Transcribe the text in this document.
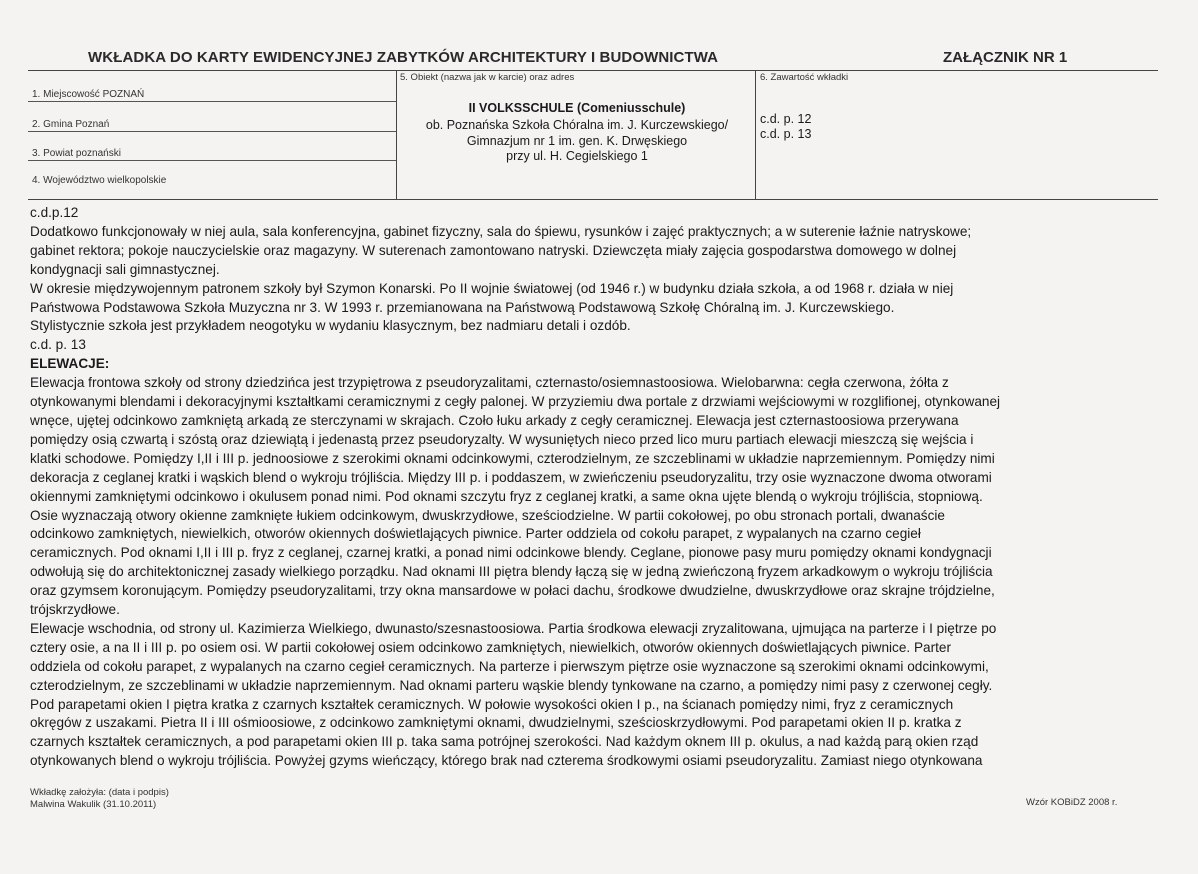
WKŁADKA DO KARTY EWIDENCYJNEJ ZABYTKÓW ARCHITEKTURY I BUDOWNICTWA	ZAŁĄCZNIK NR 1
1. Miejscowość POZNAŃ
2. Gmina Poznań
3. Powiat poznański
4. Województwo wielkopolskie
5. Obiekt (nazwa jak w karcie) oraz adres
II VOLKSSCHULE (Comeniusschule)
ob. Poznańska Szkoła Chóralna im. J. Kurczewskiego/
Gimnazjum nr 1 im. gen. K. Drwęskiego
przy ul. H. Cegielskiego 1
6. Zawartość wkładki
c.d. p. 12
c.d. p. 13
c.d.p.12
Dodatkowo funkcjonowały w niej aula, sala konferencyjna, gabinet fizyczny, sala do śpiewu, rysunków i zajęć praktycznych; a w suterenie łaźnie natryskowe;
gabinet rektora; pokoje nauczycielskie oraz magazyny. W suterenach zamontowano natryski. Dziewczęta miały zajęcia gospodarstwa domowego w dolnej
kondygnacji sali gimnastycznej.
W okresie międzywojennym patronem szkoły był Szymon Konarski. Po II wojnie światowej (od 1946 r.) w budynku działa szkoła, a od 1968 r. działa w niej
Państwowa Podstawowa Szkoła Muzyczna nr 3. W 1993 r. przemianowana na Państwową Podstawową Szkołę Chóralną im. J. Kurczewskiego.
Stylistycznie szkoła jest przykładem neogotyku w wydaniu klasycznym, bez nadmiaru detali i ozdób.
c.d. p. 13
ELEWACJE:
Elewacja frontowa szkoły od strony dziedzińca jest trzypiętrowa z pseudoryzalitami, czternasto/osiemnastoosiowa. Wielobarwna: cegła czerwona, żółta z
otynkowanymi blendami i dekoracyjnymi kształtkami ceramicznymi z cegły palonej. W przyziemiu dwa portale z drzwiami wejściowymi w rozglifionej, otynkowanej
wnęce, ujętej odcinkowo zamkniętą arkadą ze sterczynami w skrajach. Czoło łuku arkady z cegły ceramicznej. Elewacja jest czternastoosiowa przerywana
pomiędzy osią czwartą i szóstą oraz dziewiątą i jedenastą przez pseudoryzalty. W wysuniętych nieco przed lico muru partiach elewacji mieszczą się wejścia i
klatki schodowe. Pomiędzy I,II i III p. jednoosiowe z szerokimi oknami odcinkowymi, czterodzielnym, ze szczeblinami w układzie naprzemiennym. Pomiędzy nimi
dekoracja z ceglanej kratki i wąskich blend o wykroju trójliścia. Między III p. i poddaszem, w zwieńczeniu pseudoryzalitu, trzy osie wyznaczone dwoma otworami
okiennymi zamkniętymi odcinkowo i okulusem ponad nimi. Pod oknami szczytu fryz z ceglanej kratki, a same okna ujęte blendą o wykroju trójliścia, stopniową.
Osie wyznaczają otwory okienne zamknięte łukiem odcinkowym, dwuskrzydłowe, sześciodzielne. W partii cokołowej, po obu stronach portali, dwanaście
odcinkowo zamkniętych, niewielkich, otworów okiennych doświetlających piwnice. Parter oddziela od cokołu parapet, z wypalanych na czarno cegieł
ceramicznych. Pod oknami I,II i III p. fryz z ceglanej, czarnej kratki, a ponad nimi odcinkowe blendy. Ceglane, pionowe pasy muru pomiędzy oknami kondygnacji
odwołują się do architektonicznej zasady wielkiego porządku. Nad oknami III piętra blendy łączą się w jedną zwieńczoną fryzem arkadkowym o wykroju trójliścia
oraz gzymsem koronującym. Pomiędzy pseudoryzalitami, trzy okna mansardowe w połaci dachu, środkowe dwudzielne, dwuskrzydłowe oraz skrajne trójdzielne,
trójskrzydłowe.
Elewacje wschodnia, od strony ul. Kazimierza Wielkiego, dwunasto/szesnastoosiowa. Partia środkowa elewacji zryzalitowana, ujmująca na parterze i I piętrze po
cztery osie, a na II i III p. po osiem osi. W partii cokołowej osiem odcinkowo zamkniętych, niewielkich, otworów okiennych doświetlających piwnice. Parter
oddziela od cokołu parapet, z wypalanych na czarno cegieł ceramicznych. Na parterze i pierwszym piętrze osie wyznaczone są szerokimi oknami odcinkowymi,
czterodzielnym, ze szczeblinami w układzie naprzemiennym. Nad oknami parteru wąskie blendy tynkowane na czarno, a pomiędzy nimi pasy z czerwonej cegły.
Pod parapetami okien I piętra kratka z czarnych kształtek ceramicznych. W połowie wysokości okien I p., na ścianach pomiędzy nimi, fryz z ceramicznych
okręgów z uszakami. Pietra II i III ośmioosiowe, z odcinkowo zamkniętymi oknami, dwudzielnymi, sześcioskrzydłowymi. Pod parapetami okien II p. kratka z
czarnych kształtek ceramicznych, a pod parapetami okien III p. taka sama potrójnej szerokości. Nad każdym oknem III p. okulus, a nad każdą parą okien rząd
otynkowanych blend o wykroju trójliścia. Powyżej gzyms wieńczący, którego brak nad czterema środkowymi osiami pseudoryzalitu. Zamiast niego otynkowana
Wkładkę założyła: (data i podpis)
Malwina Wakulik (31.10.2011)	Wzór KOBiDZ 2008 r.
